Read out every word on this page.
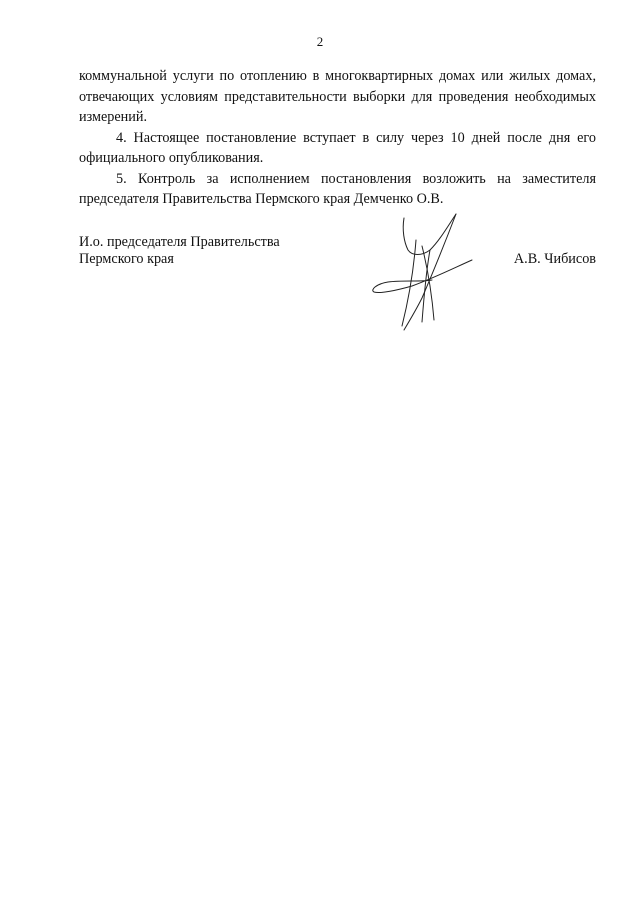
2

коммунальной услуги по отоплению в многоквартирных домах или жилых домах, отвечающих условиям представительности выборки для проведения необходимых измерений.

4. Настоящее постановление вступает в силу через 10 дней после дня его официального опубликования.

5. Контроль за исполнением постановления возложить на заместителя председателя Правительства Пермского края Демченко О.В.

И.о. председателя Правительства
Пермского края	А.В. Чибисов
